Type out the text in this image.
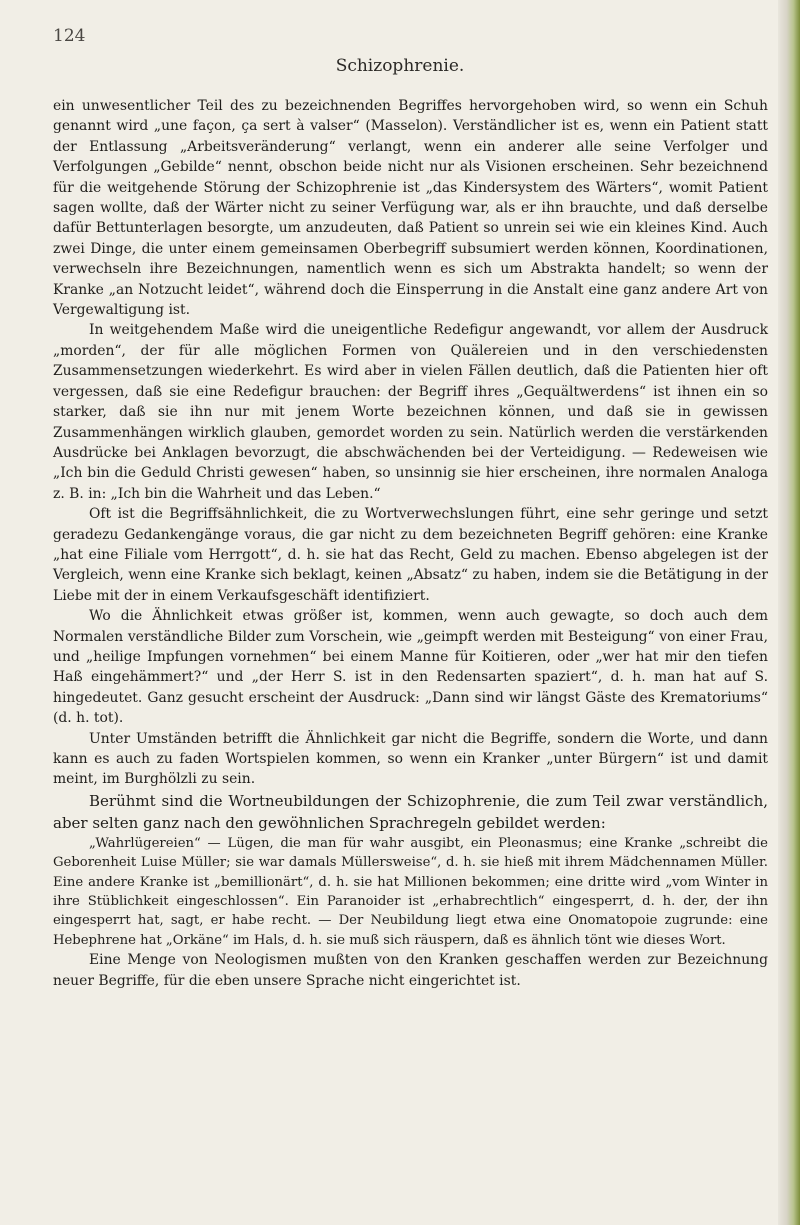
124
Schizophrenie.

ein unwesentlicher Teil des zu bezeichnenden Begriffes hervorgehoben wird, so wenn ein Schuh genannt wird „une façon, ça sert à valser“ (Masselon). Verständlicher ist es, wenn ein Patient statt der Entlassung „Arbeitsveränderung“ verlangt, wenn ein anderer alle seine Verfolger und Verfolgungen „Gebilde“ nennt, obschon beide nicht nur als Visionen erscheinen. Sehr bezeichnend für die weitgehende Störung der Schizophrenie ist „das Kindersystem des Wärters“, womit Patient sagen wollte, daß der Wärter nicht zu seiner Verfügung war, als er ihn brauchte, und daß derselbe dafür Bettunterlagen besorgte, um anzudeuten, daß Patient so unrein sei wie ein kleines Kind. Auch zwei Dinge, die unter einem gemeinsamen Oberbegriff subsumiert werden können, Koordinationen, verwechseln ihre Bezeichnungen, namentlich wenn es sich um Abstrakta handelt; so wenn der Kranke „an Notzucht leidet“, während doch die Einsperrung in die Anstalt eine ganz andere Art von Vergewaltigung ist.

In weitgehendem Maße wird die uneigentliche Redefigur angewandt, vor allem der Ausdruck „morden“, der für alle möglichen Formen von Quälereien und in den verschiedensten Zusammensetzungen wiederkehrt. Es wird aber in vielen Fällen deutlich, daß die Patienten hier oft vergessen, daß sie eine Redefigur brauchen: der Begriff ihres „Gequältwerdens“ ist ihnen ein so starker, daß sie ihn nur mit jenem Worte bezeichnen können, und daß sie in gewissen Zusammenhängen wirklich glauben, gemordet worden zu sein. Natürlich werden die verstärkenden Ausdrücke bei Anklagen bevorzugt, die abschwächenden bei der Verteidigung. — Redeweisen wie „Ich bin die Geduld Christi gewesen“ haben, so unsinnig sie hier erscheinen, ihre normalen Analoga z. B. in: „Ich bin die Wahrheit und das Leben.“

Oft ist die Begriffsähnlichkeit, die zu Wortverwechslungen führt, eine sehr geringe und setzt geradezu Gedankengänge voraus, die gar nicht zu dem bezeichneten Begriff gehören: eine Kranke „hat eine Filiale vom Herrgott“, d. h. sie hat das Recht, Geld zu machen. Ebenso abgelegen ist der Vergleich, wenn eine Kranke sich beklagt, keinen „Absatz“ zu haben, indem sie die Betätigung in der Liebe mit der in einem Verkaufsgeschäft identifiziert.

Wo die Ähnlichkeit etwas größer ist, kommen, wenn auch gewagte, so doch auch dem Normalen verständliche Bilder zum Vorschein, wie „geimpft werden mit Besteigung“ von einer Frau, und „heilige Impfungen vornehmen“ bei einem Manne für Koitieren, oder „wer hat mir den tiefen Haß eingehämmert?“ und „der Herr S. ist in den Redensarten spaziert“, d. h. man hat auf S. hingedeutet. Ganz gesucht erscheint der Ausdruck: „Dann sind wir längst Gäste des Krematoriums“ (d. h. tot).

Unter Umständen betrifft die Ähnlichkeit gar nicht die Begriffe, sondern die Worte, und dann kann es auch zu faden Wortspielen kommen, so wenn ein Kranker „unter Bürgern“ ist und damit meint, im Burghölzli zu sein.

Berühmt sind die Wortneubildungen der Schizophrenie, die zum Teil zwar verständlich, aber selten ganz nach den gewöhnlichen Sprachregeln gebildet werden:

„Wahrlügereien“ — Lügen, die man für wahr ausgibt, ein Pleonasmus; eine Kranke „schreibt die Geborenheit Luise Müller; sie war damals Müllersweise“, d. h. sie hieß mit ihrem Mädchennamen Müller. Eine andere Kranke ist „bemillionärt“, d. h. sie hat Millionen bekommen; eine dritte wird „vom Winter in ihre Stüblichkeit eingeschlossen“. Ein Paranoider ist „erhabrechtlich“ eingesperrt, d. h. der, der ihn eingesperrt hat, sagt, er habe recht. — Der Neubildung liegt etwa eine Onomatopoie zugrunde: eine Hebephrene hat „Orkäne“ im Hals, d. h. sie muß sich räuspern, daß es ähnlich tönt wie dieses Wort.

Eine Menge von Neologismen mußten von den Kranken geschaffen werden zur Bezeichnung neuer Begriffe, für die eben unsere Sprache nicht eingerichtet ist.
